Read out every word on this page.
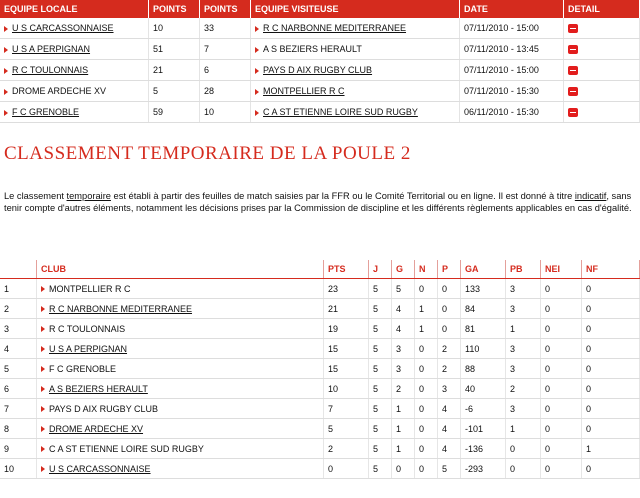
EQUIPE LOCALE	POINTS	POINTS	EQUIPE VISITEUSE	DATE	DETAIL
U S CARCASSONNAISE	10	33	R C NARBONNE MEDITERRANEE	07/11/2010 - 15:00	
U S A PERPIGNAN	51	7	A S BEZIERS HERAULT	07/11/2010 - 13:45	
R C TOULONNAIS	21	6	PAYS D AIX RUGBY CLUB	07/11/2010 - 15:00	
DROME ARDECHE XV	5	28	MONTPELLIER R C	07/11/2010 - 15:30	
F C GRENOBLE	59	10	C A ST ETIENNE LOIRE SUD RUGBY	06/11/2010 - 15:30	
CLASSEMENT TEMPORAIRE DE LA POULE 2

Le classement temporaire est établi à partir des feuilles de match saisies par la FFR ou le Comité Territorial ou en ligne. Il est donné à titre indicatif, sans tenir compte d'autres éléments, notamment les décisions prises par la Commission de discipline et les différents règlements applicables en cas d'égalité.

	CLUB	PTS	J	G	N	P	GA	PB	NEI	NF
1	MONTPELLIER R C	23	5	5	0	0	133	3	0	0
2	R C NARBONNE MEDITERRANEE	21	5	4	1	0	84	3	0	0
3	R C TOULONNAIS	19	5	4	1	0	81	1	0	0
4	U S A PERPIGNAN	15	5	3	0	2	110	3	0	0
5	F C GRENOBLE	15	5	3	0	2	88	3	0	0
6	A S BEZIERS HERAULT	10	5	2	0	3	40	2	0	0
7	PAYS D AIX RUGBY CLUB	7	5	1	0	4	-6	3	0	0
8	DROME ARDECHE XV	5	5	1	0	4	-101	1	0	0
9	C A ST ETIENNE LOIRE SUD RUGBY	2	5	1	0	4	-136	0	0	1
10	U S CARCASSONNAISE	0	5	0	0	5	-293	0	0	0
